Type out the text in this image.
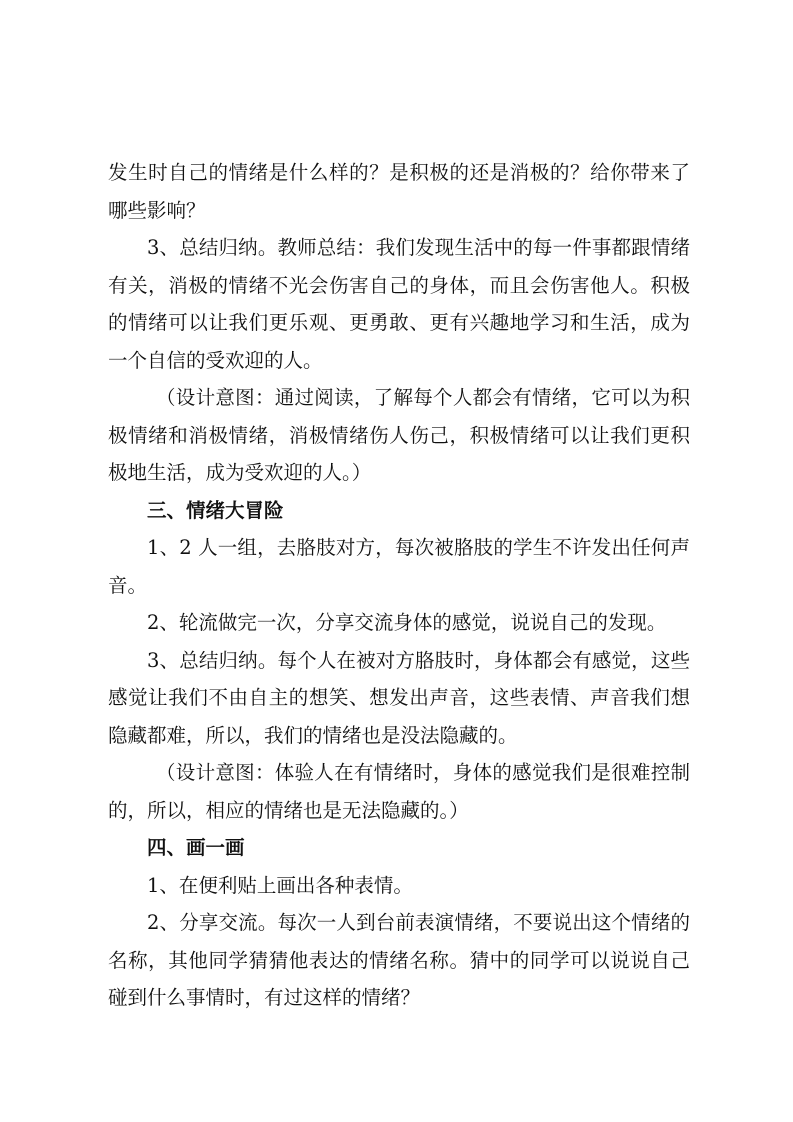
发生时自己的情绪是什么样的？是积极的还是消极的？给你带来了哪些影响？

3、总结归纳。教师总结：我们发现生活中的每一件事都跟情绪有关，消极的情绪不光会伤害自己的身体，而且会伤害他人。积极的情绪可以让我们更乐观、更勇敢、更有兴趣地学习和生活，成为一个自信的受欢迎的人。

（设计意图：通过阅读，了解每个人都会有情绪，它可以为积极情绪和消极情绪，消极情绪伤人伤己，积极情绪可以让我们更积极地生活，成为受欢迎的人。）

三、情绪大冒险

1、2 人一组，去胳肢对方，每次被胳肢的学生不许发出任何声音。

2、轮流做完一次，分享交流身体的感觉，说说自己的发现。

3、总结归纳。每个人在被对方胳肢时，身体都会有感觉，这些感觉让我们不由自主的想笑、想发出声音，这些表情、声音我们想隐藏都难，所以，我们的情绪也是没法隐藏的。

（设计意图：体验人在有情绪时，身体的感觉我们是很难控制的，所以，相应的情绪也是无法隐藏的。）

四、画一画

1、在便利贴上画出各种表情。

2、分享交流。每次一人到台前表演情绪，不要说出这个情绪的名称，其他同学猜猜他表达的情绪名称。猜中的同学可以说说自己碰到什么事情时，有过这样的情绪？
